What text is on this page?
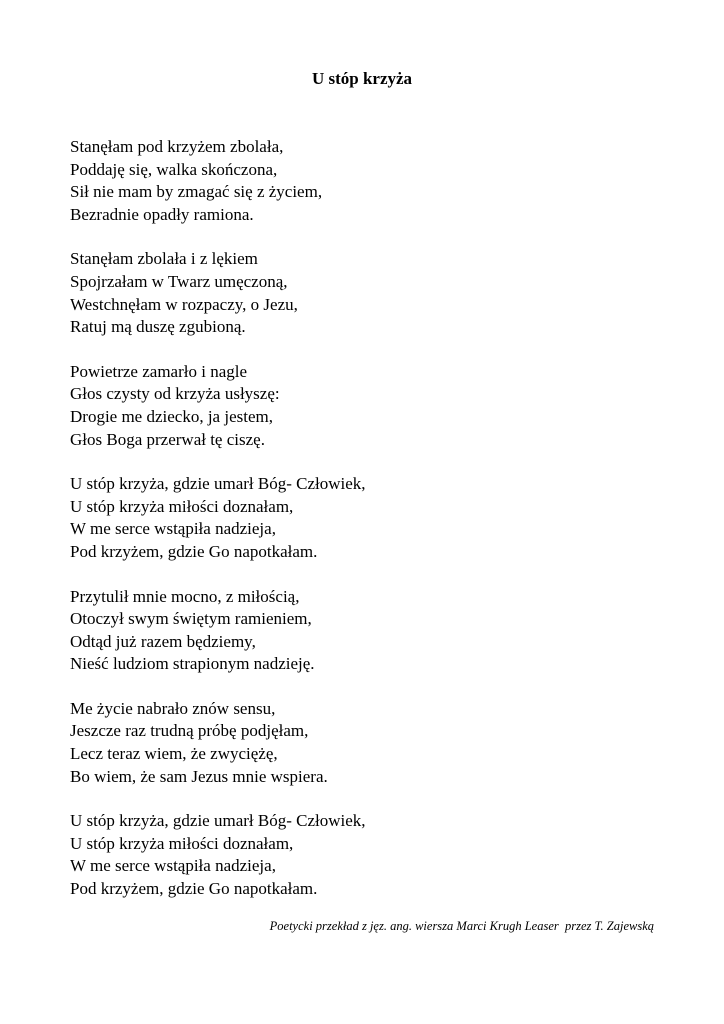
U stóp krzyża
Stanęłam pod krzyżem zbolała,
Poddaję się, walka skończona,
Sił nie mam by zmagać się z życiem,
Bezradnie opadły ramiona.
Stanęłam zbolała i z lękiem
Spojrzałam w Twarz umęczoną,
Westchnęłam w rozpaczy, o Jezu,
Ratuj mą duszę zgubioną.
Powietrze zamarło i nagle
Głos czysty od krzyża usłyszę:
Drogie me dziecko, ja jestem,
Głos Boga przerwał tę ciszę.
U stóp krzyża, gdzie umarł Bóg- Człowiek,
U stóp krzyża miłości doznałam,
W me serce wstąpiła nadzieja,
Pod krzyżem, gdzie Go napotkałam.
Przytulił mnie mocno, z miłością,
Otoczył swym świętym ramieniem,
Odtąd już razem będziemy,
Nieść ludziom strapionym nadzieję.
Me życie nabrało znów sensu,
Jeszcze raz trudną próbę podjęłam,
Lecz teraz wiem, że zwyciężę,
Bo wiem, że sam Jezus mnie wspiera.
U stóp krzyża, gdzie umarł Bóg- Człowiek,
U stóp krzyża miłości doznałam,
W me serce wstąpiła nadzieja,
Pod krzyżem, gdzie Go napotkałam.
Poetycki przekład z jęz. ang. wiersza Marci Krugh Leaser  przez T. Zajewską
